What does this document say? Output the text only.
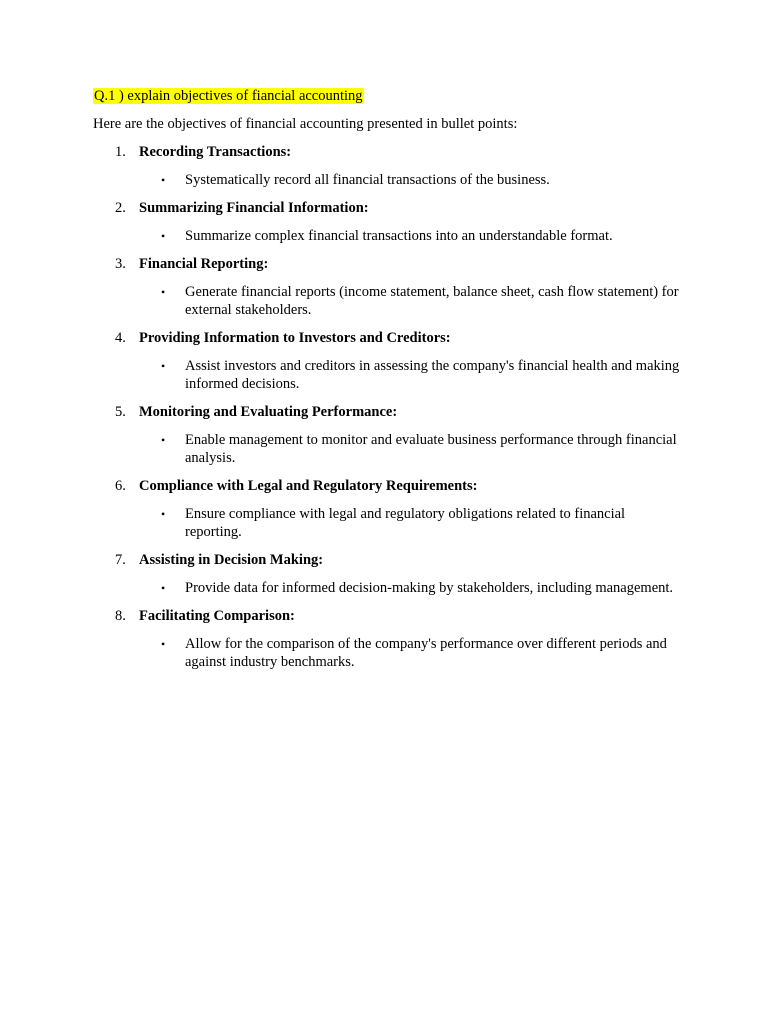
Q.1 ) explain objectives of fiancial accounting

Here are the objectives of financial accounting presented in bullet points:

1. Recording Transactions:
• Systematically record all financial transactions of the business.
2. Summarizing Financial Information:
• Summarize complex financial transactions into an understandable format.
3. Financial Reporting:
• Generate financial reports (income statement, balance sheet, cash flow statement) for external stakeholders.
4. Providing Information to Investors and Creditors:
• Assist investors and creditors in assessing the company's financial health and making informed decisions.
5. Monitoring and Evaluating Performance:
• Enable management to monitor and evaluate business performance through financial analysis.
6. Compliance with Legal and Regulatory Requirements:
• Ensure compliance with legal and regulatory obligations related to financial reporting.
7. Assisting in Decision Making:
• Provide data for informed decision-making by stakeholders, including management.
8. Facilitating Comparison:
• Allow for the comparison of the company's performance over different periods and against industry benchmarks.
